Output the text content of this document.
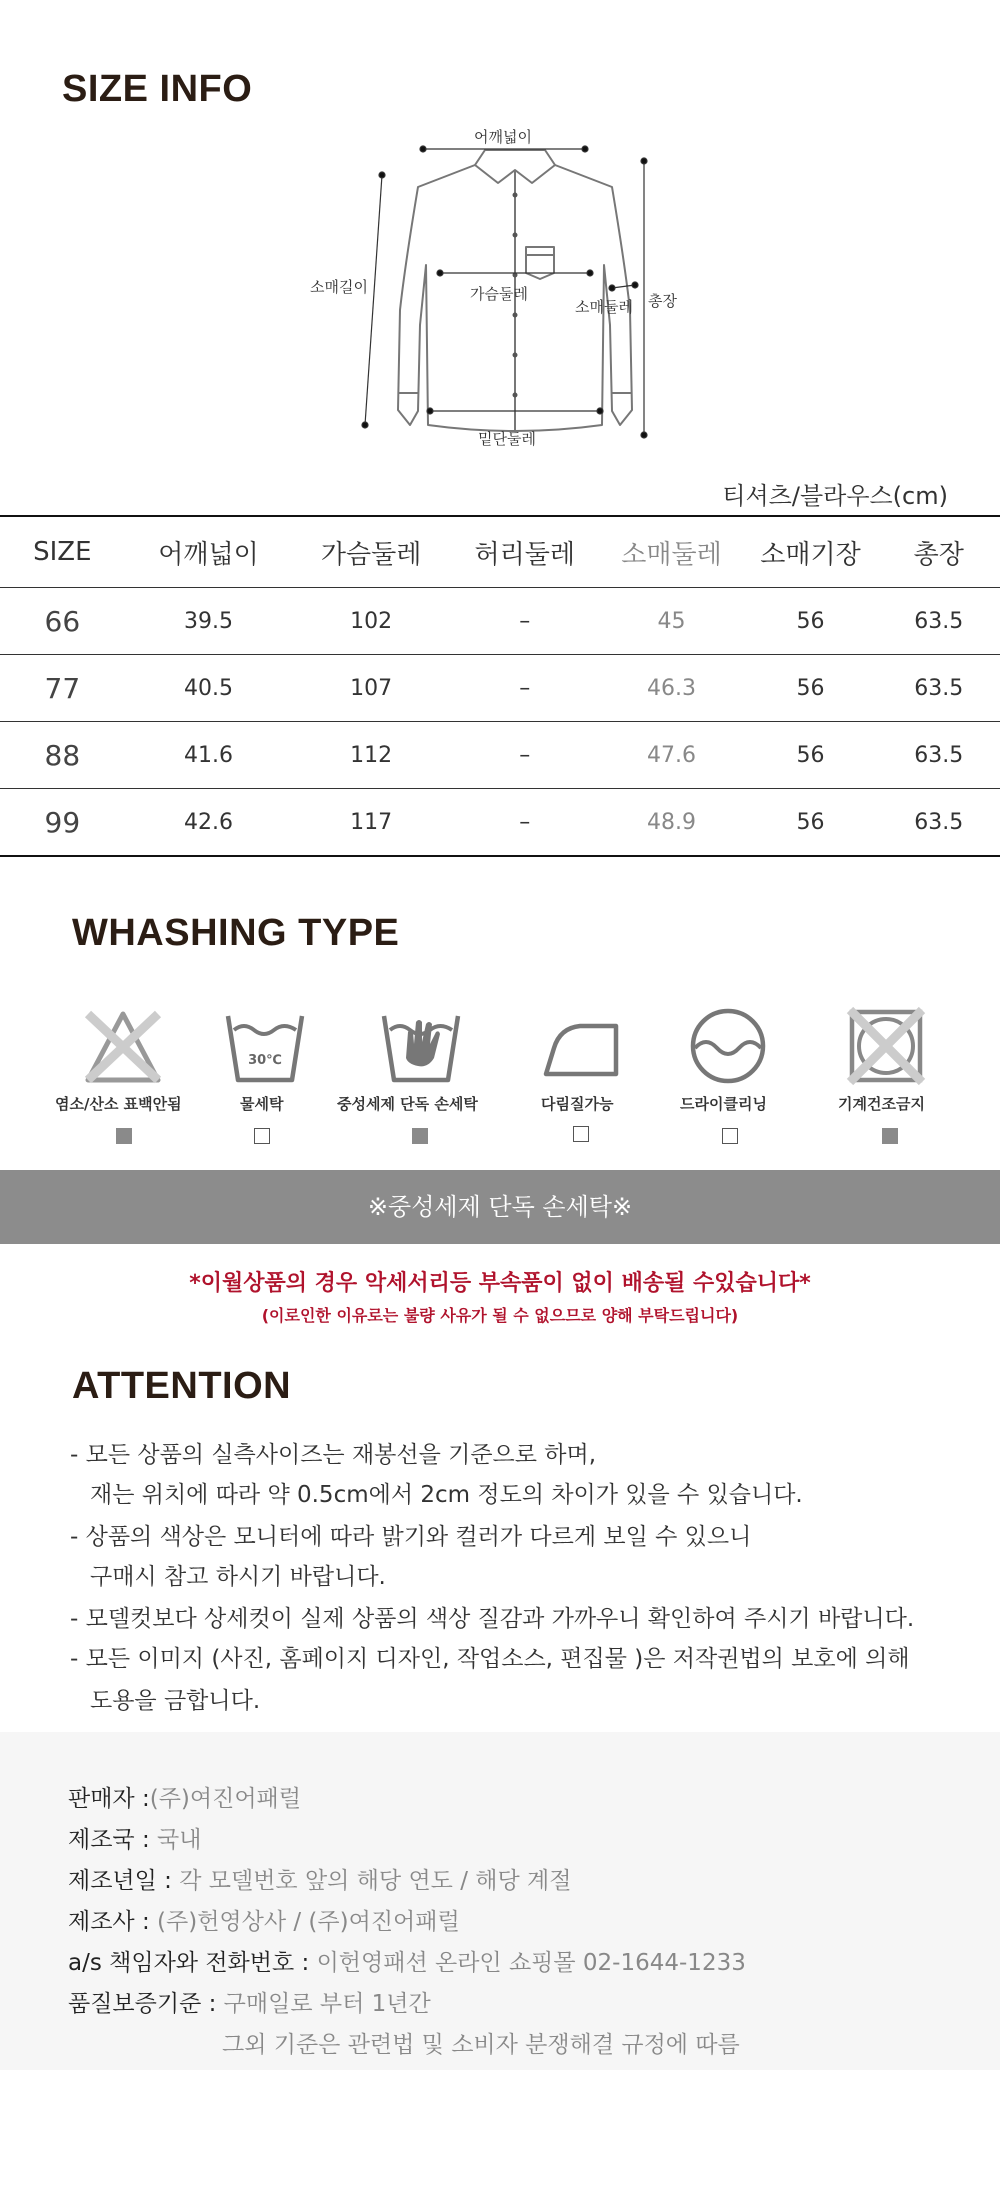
SIZE INFO
어깨넓이
소매길이	가슴둘레
소매둘레 총장
밑단둘레
티셔츠/블라우스(cm)
SIZE	어깨넓이	가슴둘레	허리둘레	소매둘레	소매기장	총장
66	39.5	102	–	45	56	63.5
77	40.5	107	–	46.3	56	63.5
88	41.6	112	–	47.6	56	63.5
99	42.6	117	–	48.9	56	63.5
WHASHING TYPE
30℃
염소/산소 표백안됨	물세탁	중성세제 단독 손세탁	다림질가능	드라이클리닝	기계건조금지
※중성세제 단독 손세탁※
*이월상품의 경우 악세서리등 부속품이 없이 배송될 수있습니다*
(이로인한 이유로는 불량 사유가 될 수 없으므로 양해 부탁드립니다)
ATTENTION
- 모든 상품의 실측사이즈는 재봉선을 기준으로 하며,
재는 위치에 따라 약 0.5cm에서 2cm 정도의 차이가 있을 수 있습니다.
- 상품의 색상은 모니터에 따라 밝기와 컬러가 다르게 보일 수 있으니
구매시 참고 하시기 바랍니다.
- 모델컷보다 상세컷이 실제 상품의 색상 질감과 가까우니 확인하여 주시기 바랍니다.
- 모든 이미지 (사진, 홈페이지 디자인, 작업소스, 편집물 )은 저작권법의 보호에 의해
도용을 금합니다.
판매자 :(주)여진어패럴
제조국 : 국내
제조년일 : 각 모델번호 앞의 해당 연도 / 해당 계절
제조사 : (주)헌영상사 / (주)여진어패럴
a/s 책임자와 전화번호 : 이헌영패션 온라인 쇼핑몰 02-1644-1233
품질보증기준 : 구매일로 부터 1년간
그외 기준은 관련법 및 소비자 분쟁해결 규정에 따름
